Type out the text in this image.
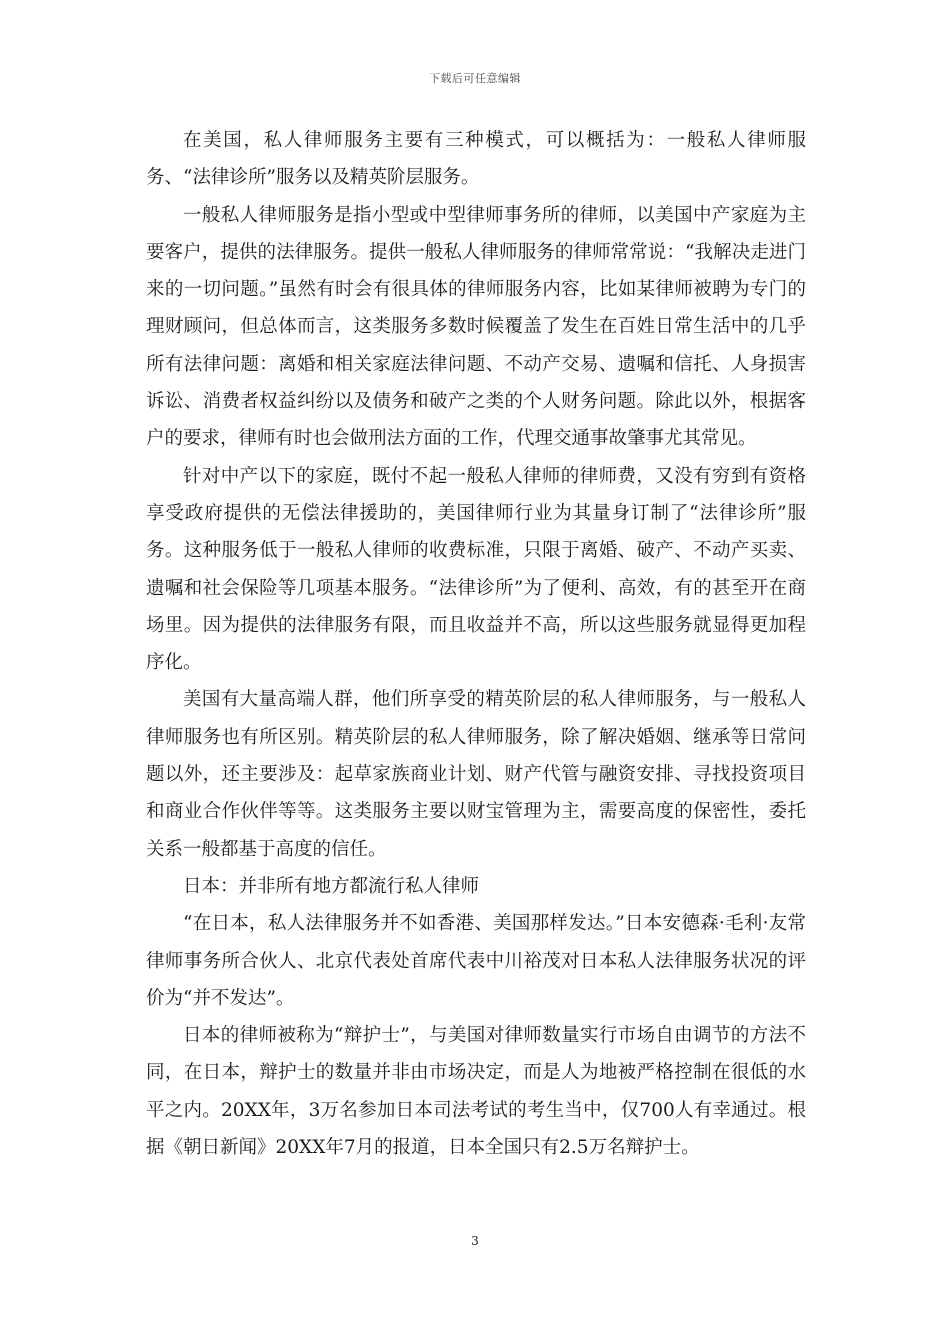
下载后可任意编辑

在美国，私人律师服务主要有三种模式，可以概括为：一般私人律师服务、“法律诊所”服务以及精英阶层服务。

一般私人律师服务是指小型或中型律师事务所的律师，以美国中产家庭为主要客户，提供的法律服务。提供一般私人律师服务的律师常常说：“我解决走进门来的一切问题。”虽然有时会有很具体的律师服务内容，比如某律师被聘为专门的理财顾问，但总体而言，这类服务多数时候覆盖了发生在百姓日常生活中的几乎所有法律问题：离婚和相关家庭法律问题、不动产交易、遗嘱和信托、人身损害诉讼、消费者权益纠纷以及债务和破产之类的个人财务问题。除此以外，根据客户的要求，律师有时也会做刑法方面的工作，代理交通事故肇事尤其常见。

针对中产以下的家庭，既付不起一般私人律师的律师费，又没有穷到有资格享受政府提供的无偿法律援助的，美国律师行业为其量身订制了“法律诊所”服务。这种服务低于一般私人律师的收费标准，只限于离婚、破产、不动产买卖、遗嘱和社会保险等几项基本服务。“法律诊所”为了便利、高效，有的甚至开在商场里。因为提供的法律服务有限，而且收益并不高，所以这些服务就显得更加程序化。

美国有大量高端人群，他们所享受的精英阶层的私人律师服务，与一般私人律师服务也有所区别。精英阶层的私人律师服务，除了解决婚姻、继承等日常问题以外，还主要涉及：起草家族商业计划、财产代管与融资安排、寻找投资项目和商业合作伙伴等等。这类服务主要以财宝管理为主，需要高度的保密性，委托关系一般都基于高度的信任。

日本：并非所有地方都流行私人律师

“在日本，私人法律服务并不如香港、美国那样发达。”日本安德森·毛利·友常律师事务所合伙人、北京代表处首席代表中川裕茂对日本私人法律服务状况的评价为“并不发达”。

日本的律师被称为“辩护士”，与美国对律师数量实行市场自由调节的方法不同，在日本，辩护士的数量并非由市场决定，而是人为地被严格控制在很低的水平之内。20XX年，3万名参加日本司法考试的考生当中，仅700人有幸通过。根据《朝日新闻》20XX年7月的报道，日本全国只有2.5万名辩护士。

3
